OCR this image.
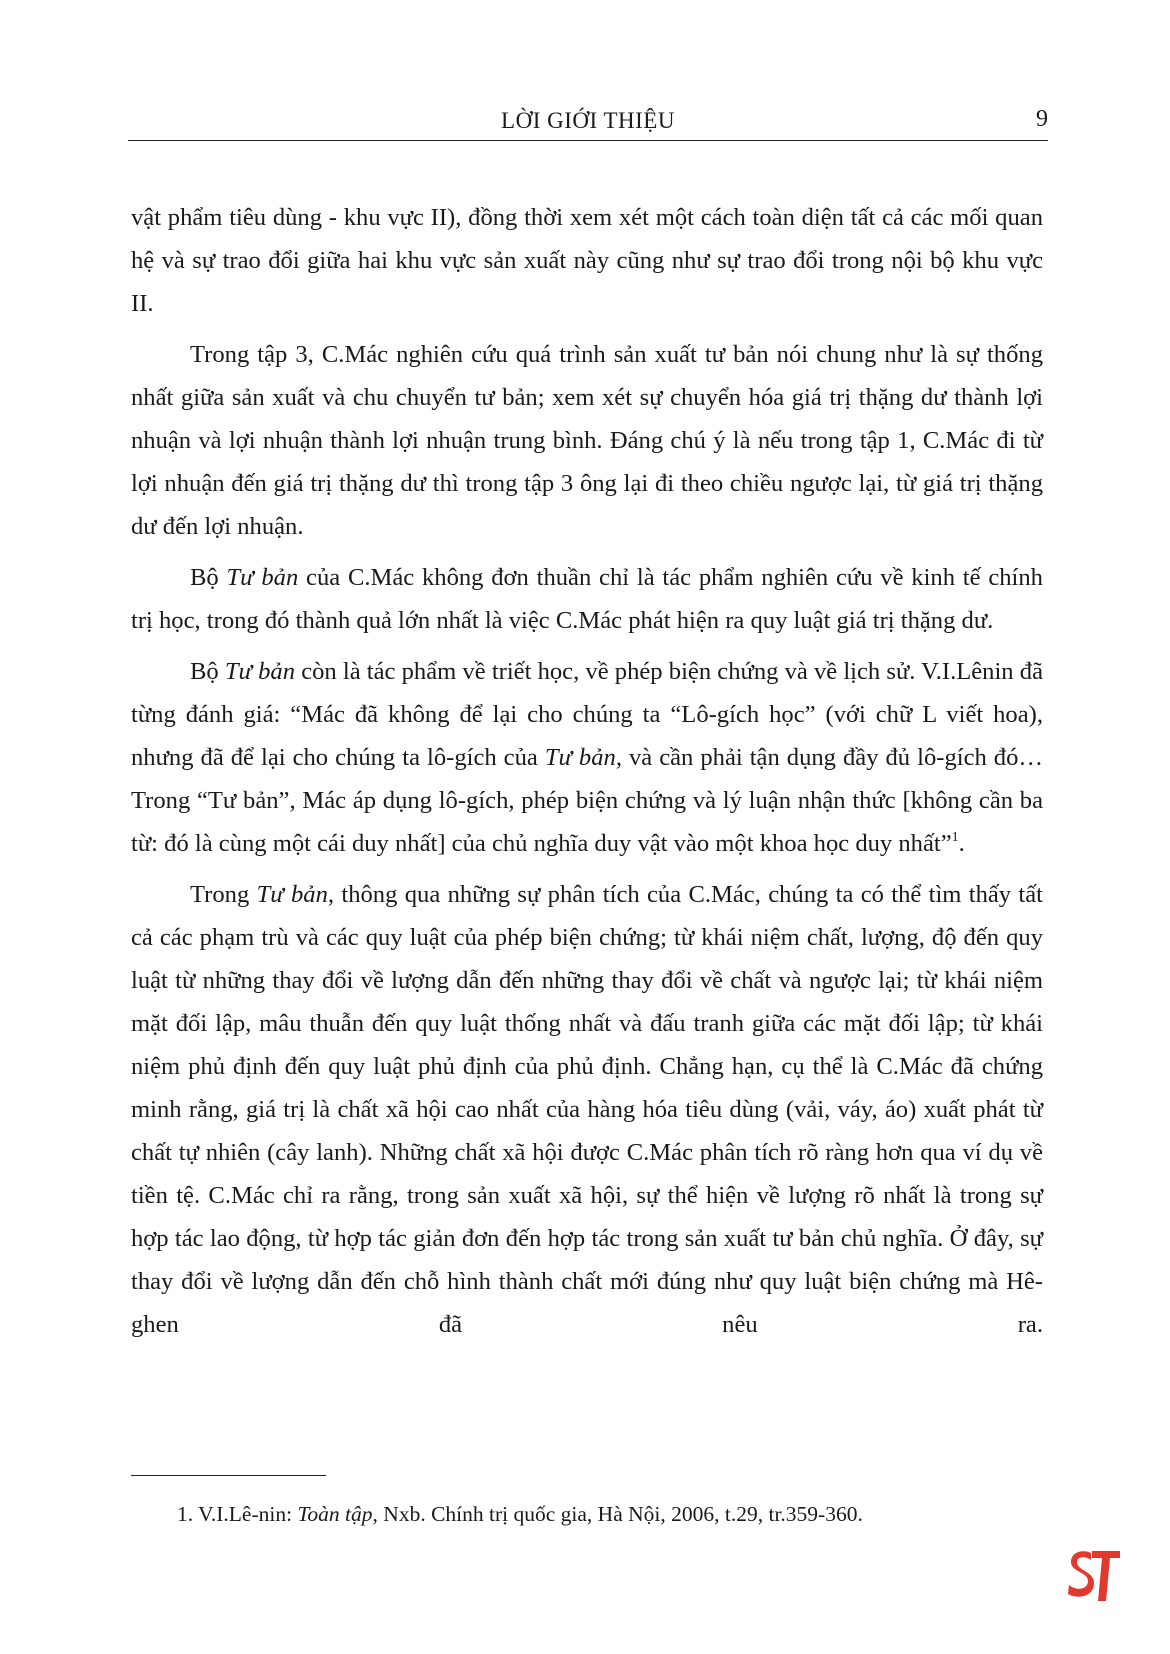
LỜI GIỚI THIỆU	9

vật phẩm tiêu dùng - khu vực II), đồng thời xem xét một cách toàn diện tất cả các mối quan hệ và sự trao đổi giữa hai khu vực sản xuất này cũng như sự trao đổi trong nội bộ khu vực II.

Trong tập 3, C.Mác nghiên cứu quá trình sản xuất tư bản nói chung như là sự thống nhất giữa sản xuất và chu chuyển tư bản; xem xét sự chuyển hóa giá trị thặng dư thành lợi nhuận và lợi nhuận thành lợi nhuận trung bình. Đáng chú ý là nếu trong tập 1, C.Mác đi từ lợi nhuận đến giá trị thặng dư thì trong tập 3 ông lại đi theo chiều ngược lại, từ giá trị thặng dư đến lợi nhuận.

Bộ Tư bản của C.Mác không đơn thuần chỉ là tác phẩm nghiên cứu về kinh tế chính trị học, trong đó thành quả lớn nhất là việc C.Mác phát hiện ra quy luật giá trị thặng dư.

Bộ Tư bản còn là tác phẩm về triết học, về phép biện chứng và về lịch sử. V.I.Lênin đã từng đánh giá: “Mác đã không để lại cho chúng ta “Lô-gích học” (với chữ L viết hoa), nhưng đã để lại cho chúng ta lô-gích của Tư bản, và cần phải tận dụng đầy đủ lô-gích đó… Trong “Tư bản”, Mác áp dụng lô-gích, phép biện chứng và lý luận nhận thức [không cần ba từ: đó là cùng một cái duy nhất] của chủ nghĩa duy vật vào một khoa học duy nhất”$^1$.

Trong Tư bản, thông qua những sự phân tích của C.Mác, chúng ta có thể tìm thấy tất cả các phạm trù và các quy luật của phép biện chứng; từ khái niệm chất, lượng, độ đến quy luật từ những thay đổi về lượng dẫn đến những thay đổi về chất và ngược lại; từ khái niệm mặt đối lập, mâu thuẫn đến quy luật thống nhất và đấu tranh giữa các mặt đối lập; từ khái niệm phủ định đến quy luật phủ định của phủ định. Chẳng hạn, cụ thể là C.Mác đã chứng minh rằng, giá trị là chất xã hội cao nhất của hàng hóa tiêu dùng (vải, váy, áo) xuất phát từ chất tự nhiên (cây lanh). Những chất xã hội được C.Mác phân tích rõ ràng hơn qua ví dụ về tiền tệ. C.Mác chỉ ra rằng, trong sản xuất xã hội, sự thể hiện về lượng rõ nhất là trong sự hợp tác lao động, từ hợp tác giản đơn đến hợp tác trong sản xuất tư bản chủ nghĩa. Ở đây, sự thay đổi về lượng dẫn đến chỗ hình thành chất mới đúng như quy luật biện chứng mà Hê-ghen đã nêu ra.

1. V.I.Lê-nin: Toàn tập, Nxb. Chính trị quốc gia, Hà Nội, 2006, t.29, tr.359-360.
